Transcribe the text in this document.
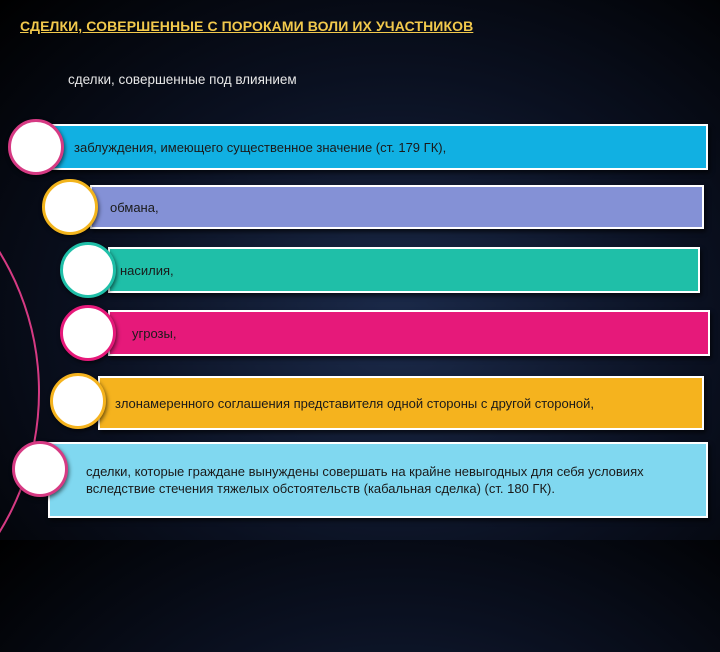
СДЕЛКИ, СОВЕРШЕННЫЕ С ПОРОКАМИ ВОЛИ ИХ УЧАСТНИКОВ
сделки, совершенные под влиянием
заблуждения, имеющего существенное значение (ст. 179 ГК),
обмана,
насилия,
угрозы,
злонамеренного соглашения представителя одной стороны с другой стороной,
сделки, которые граждане вынуждены совершать на крайне невыгодных для себя условиях вследствие стечения тяжелых обстоятельств (кабальная сделка) (ст. 180 ГК).
